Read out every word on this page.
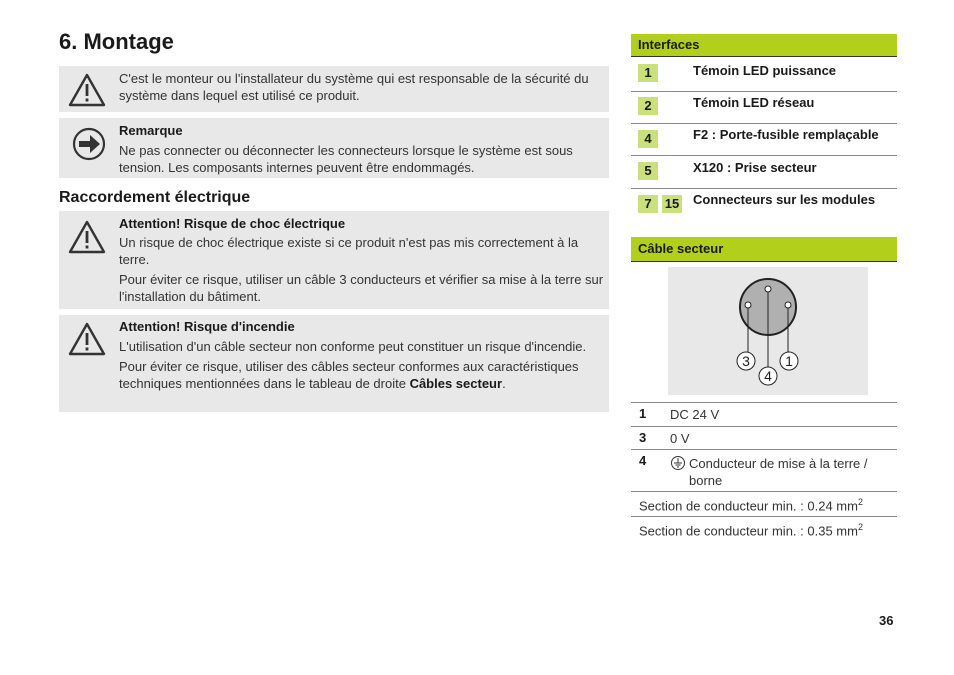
6. Montage

C'est le monteur ou l'installateur du système qui est responsable de la sécurité du système dans lequel est utilisé ce produit.

Remarque

Ne pas connecter ou déconnecter les connecteurs lorsque le système est sous tension. Les composants internes peuvent être endommagés.

Raccordement électrique

Attention! Risque de choc électrique

Un risque de choc électrique existe si ce produit n'est pas mis correctement à la terre.

Pour éviter ce risque, utiliser un câble 3 conducteurs et vérifier sa mise à la terre sur l'installation du bâtiment.

Attention! Risque d'incendie

L'utilisation d'un câble secteur non conforme peut constituer un risque d'incendie.

Pour éviter ce risque, utiliser des câbles secteur conformes aux caractéristiques techniques mentionnées dans le tableau de droite Câbles secteur.

Interfaces
1	Témoin LED puissance
2	Témoin LED réseau
4	F2 : Porte-fusible remplaçable
5	X120 : Prise secteur
7	15 Connecteurs sur les modules
Câble secteur
3
4
1
1 DC 24 V
3 0 V
4	Conducteur de mise à la terre / borne
Section de conducteur min. : 0.24 $mm^2$
Section de conducteur min. : 0.35 $mm^2$
36
